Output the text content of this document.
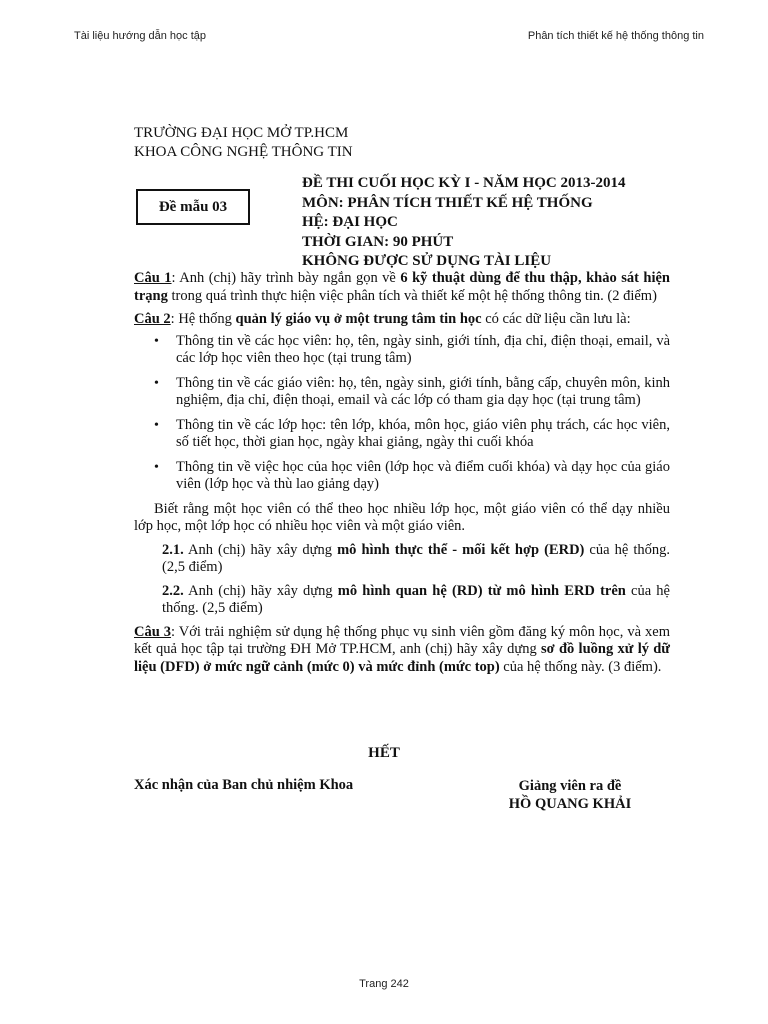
Tài liệu hướng dẫn học tập	Phân tích thiết kế hệ thống thông tin
TRƯỜNG ĐẠI HỌC MỞ TP.HCM
KHOA CÔNG NGHỆ THÔNG TIN
Đề mẫu 03
ĐỀ THI CUỐI HỌC KỲ I - NĂM HỌC 2013-2014
MÔN: PHÂN TÍCH THIẾT KẾ HỆ THỐNG
HỆ: ĐẠI HỌC
THỜI GIAN: 90 PHÚT
KHÔNG ĐƯỢC SỬ DỤNG TÀI LIỆU

Câu 1: Anh (chị) hãy trình bày ngắn gọn về 6 kỹ thuật dùng để thu thập, khảo sát hiện trạng trong quá trình thực hiện việc phân tích và thiết kế một hệ thống thông tin. (2 điểm)

Câu 2: Hệ thống quản lý giáo vụ ở một trung tâm tin học có các dữ liệu cần lưu là:

• Thông tin về các học viên: họ, tên, ngày sinh, giới tính, địa chỉ, điện thoại, email, và các lớp học viên theo học (tại trung tâm)
• Thông tin về các giáo viên: họ, tên, ngày sinh, giới tính, bằng cấp, chuyên môn, kinh nghiệm, địa chỉ, điện thoại, email và các lớp có tham gia dạy học (tại trung tâm)
• Thông tin về các lớp học: tên lớp, khóa, môn học, giáo viên phụ trách, các học viên, số tiết học, thời gian học, ngày khai giảng, ngày thi cuối khóa
• Thông tin về việc học của học viên (lớp học và điểm cuối khóa) và dạy học của giáo viên (lớp học và thù lao giảng dạy)

Biết rằng một học viên có thể theo học nhiều lớp học, một giáo viên có thể dạy nhiều lớp học, một lớp học có nhiều học viên và một giáo viên.

2.1. Anh (chị) hãy xây dựng mô hình thực thể - mối kết hợp (ERD) của hệ thống. (2,5 điểm)

2.2. Anh (chị) hãy xây dựng mô hình quan hệ (RD) từ mô hình ERD trên của hệ thống. (2,5 điểm)

Câu 3: Với trải nghiệm sử dụng hệ thống phục vụ sinh viên gồm đăng ký môn học, và xem kết quả học tập tại trường ĐH Mở TP.HCM, anh (chị) hãy xây dựng sơ đồ luồng xử lý dữ liệu (DFD) ở mức ngữ cảnh (mức 0) và mức đỉnh (mức top) của hệ thống này. (3 điểm).

HẾT
Xác nhận của Ban chủ nhiệm Khoa	Giảng viên ra đề
HỒ QUANG KHẢI
Trang 242
